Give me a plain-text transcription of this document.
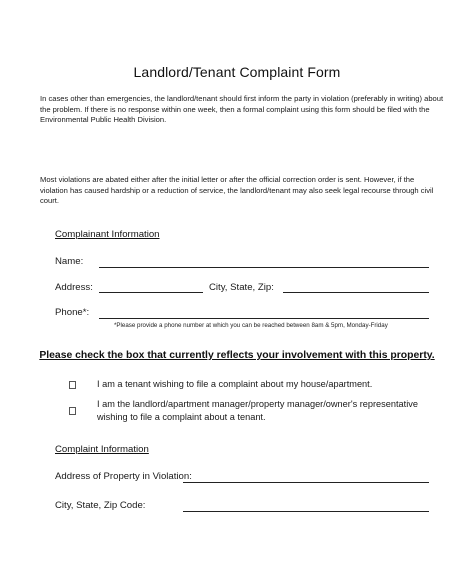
Landlord/Tenant Complaint Form
In cases other than emergencies, the landlord/tenant should first inform the party in violation (preferably in writing) about the problem. If there is no response within one week, then a formal complaint using this form should be filed with the Environmental Public Health Division.
Most violations are abated either after the initial letter or after the official correction order is sent. However, if the violation has caused hardship or a reduction of service, the landlord/tenant may also seek legal recourse through civil court.
Complainant Information
Name:
Address:	City, State, Zip:
Phone*:
*Please provide a phone number at which you can be reached between 8am & 5pm, Monday-Friday
Please check the box that currently reflects your involvement with this property.
I am a tenant wishing to file a complaint about my house/apartment.
I am the landlord/apartment manager/property manager/owner's representative wishing to file a complaint about a tenant.
Complaint Information
Address of Property in Violation:
City, State, Zip Code:
